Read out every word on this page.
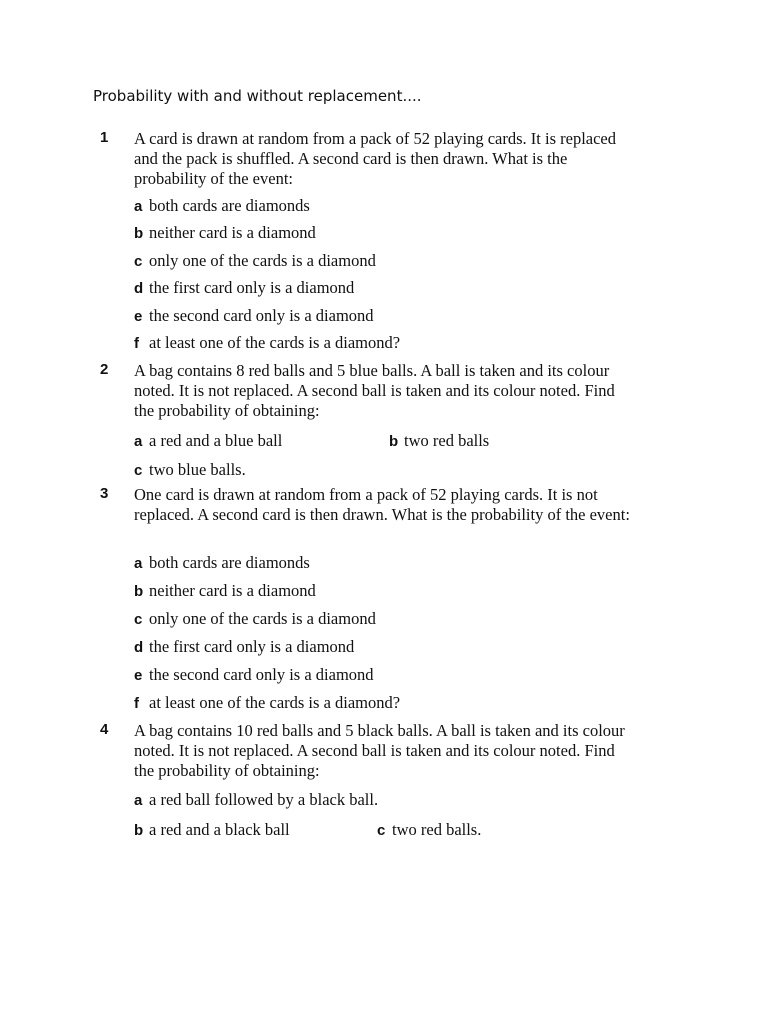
Probability with and without replacement....
1 A card is drawn at random from a pack of 52 playing cards. It is replaced and the pack is shuffled. A second card is then drawn. What is the probability of the event:
a both cards are diamonds
b neither card is a diamond
c only one of the cards is a diamond
d the first card only is a diamond
e the second card only is a diamond
f at least one of the cards is a diamond?
2 A bag contains 8 red balls and 5 blue balls. A ball is taken and its colour noted. It is not replaced. A second ball is taken and its colour noted. Find the probability of obtaining:
a a red and a blue ball	b two red balls
c two blue balls.
3 One card is drawn at random from a pack of 52 playing cards. It is not replaced. A second card is then drawn. What is the probability of the event:
a both cards are diamonds
b neither card is a diamond
c only one of the cards is a diamond
d the first card only is a diamond
e the second card only is a diamond
f at least one of the cards is a diamond?
4 A bag contains 10 red balls and 5 black balls. A ball is taken and its colour noted. It is not replaced. A second ball is taken and its colour noted. Find the probability of obtaining:
a a red ball followed by a black ball.
b a red and a black ball	c two red balls.
